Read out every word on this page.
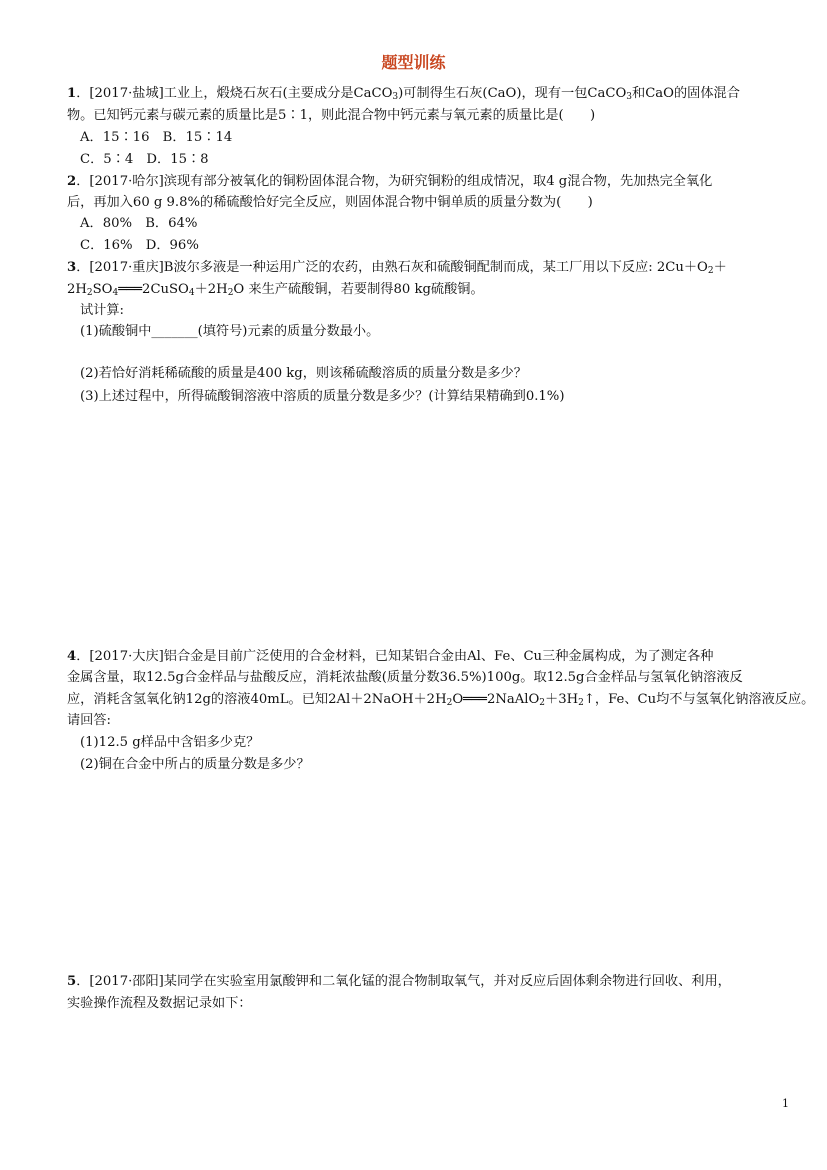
题型训练
1．[2017·盐城]工业上，煅烧石灰石(主要成分是CaCO$_3$)可制得生石灰(CaO)，现有一包CaCO$_3$和CaO的固体混合
物。已知钙元素与碳元素的质量比是5∶1，则此混合物中钙元素与氧元素的质量比是(　　)
A．15∶16　B．15∶14
C．5∶4　D．15∶8
2．[2017·哈尔]滨现有部分被氧化的铜粉固体混合物，为研究铜粉的组成情况，取4 g混合物，先加热完全氧化
后，再加入60 g 9.8%的稀硫酸恰好完全反应，则固体混合物中铜单质的质量分数为(　　)
A．80%　B．64%
C．16%　D．96%
3．[2017·重庆]B波尔多液是一种运用广泛的农药，由熟石灰和硫酸铜配制而成，某工厂用以下反应: $2Cu+O_2+$
$2H_2SO_4═══2CuSO_4+2H_2O$ 来生产硫酸铜，若要制得80 kg硫酸铜。
试计算:
(1)硫酸铜中_______(填符号)元素的质量分数最小。
(2)若恰好消耗稀硫酸的质量是400 kg，则该稀硫酸溶质的质量分数是多少？
(3)上述过程中，所得硫酸铜溶液中溶质的质量分数是多少？(计算结果精确到0.1%)
4．[2017·大庆]铝合金是目前广泛使用的合金材料，已知某铝合金由Al、Fe、Cu三种金属构成，为了测定各种
金属含量，取12.5g合金样品与盐酸反应，消耗浓盐酸(质量分数36.5%)100g。取12.5g合金样品与氢氧化钠溶液反
应，消耗含氢氧化钠12g的溶液40mL。已知$2Al+2NaOH+2H_2O═══2NaAlO_2+3H_2↑$，Fe、Cu均不与氢氧化钠溶液反应。
请回答:
(1)12.5 g样品中含铝多少克？
(2)铜在合金中所占的质量分数是多少？
5．[2017·邵阳]某同学在实验室用氯酸钾和二氧化锰的混合物制取氧气，并对反应后固体剩余物进行回收、利用，
实验操作流程及数据记录如下：
1
